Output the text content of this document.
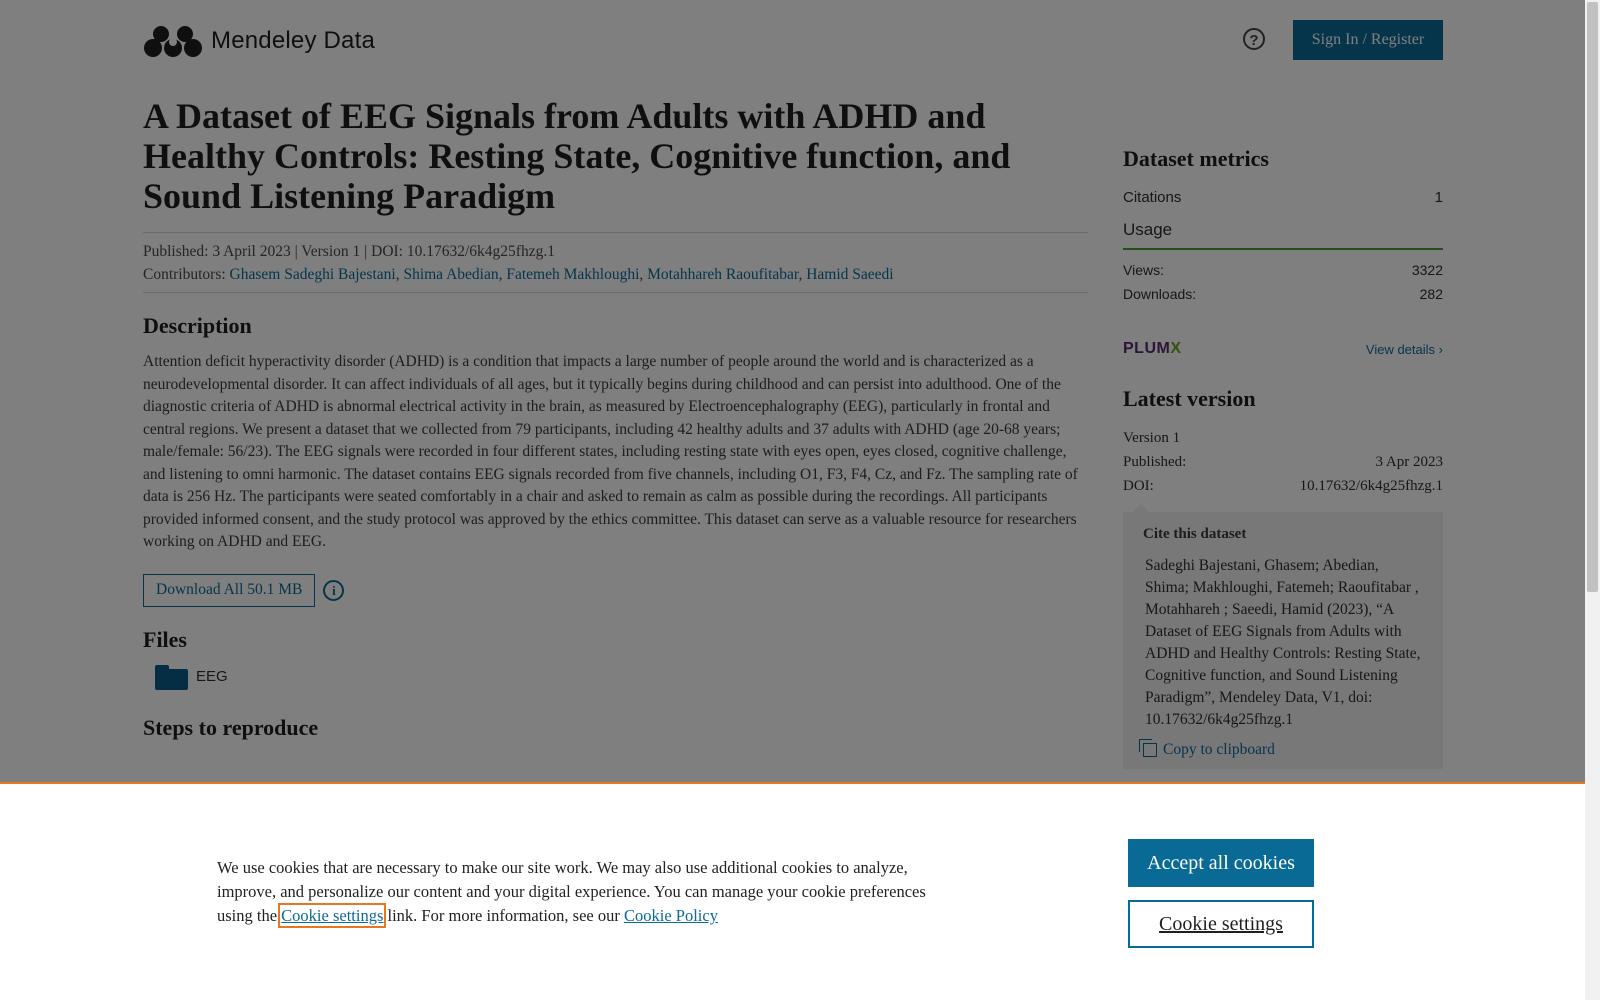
We use cookies that are necessary to make our site work. We may also use additional cookies to analyze, improve, and personalize our content and your digital experience. You can manage your cookie preferences using the Cookie settings link. For more information, see our Cookie Policy
Accept all cookies
Cookie settings
